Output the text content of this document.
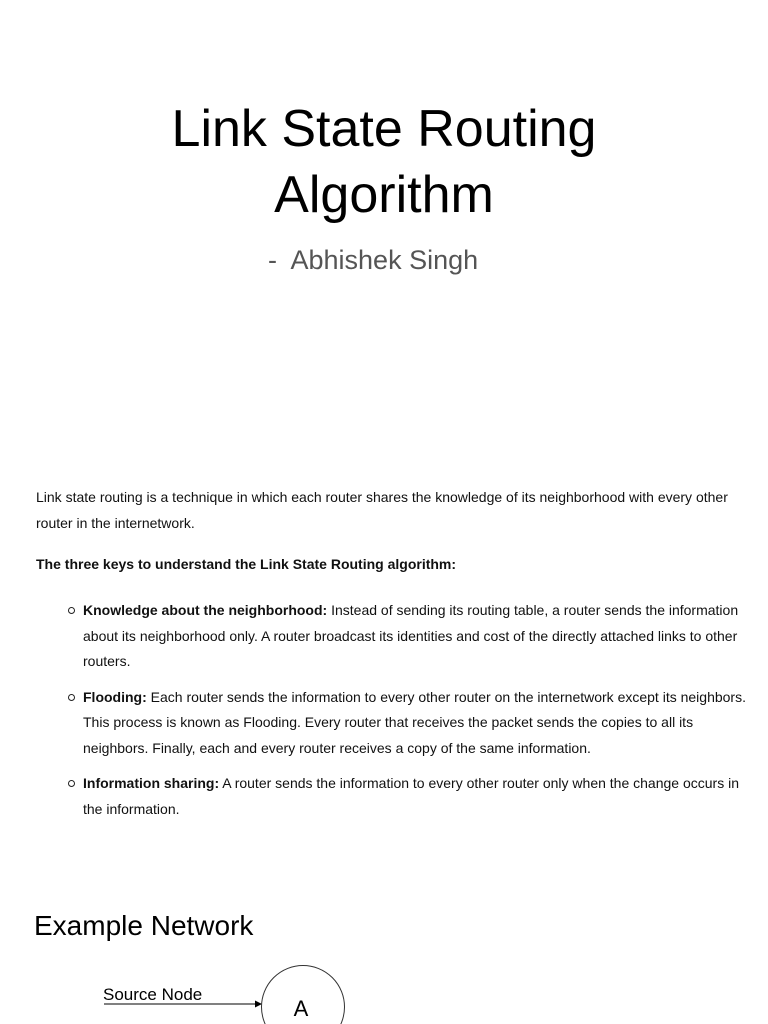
Link State Routing
Algorithm
-  Abhishek Singh

Link state routing is a technique in which each router shares the knowledge of its neighborhood with every other router in the internetwork.

The three keys to understand the Link State Routing algorithm:

Knowledge about the neighborhood: Instead of sending its routing table, a router sends the information about its neighborhood only. A router broadcast its identities and cost of the directly attached links to other routers.
Flooding: Each router sends the information to every other router on the internetwork except its neighbors. This process is known as Flooding. Every router that receives the packet sends the copies to all its neighbors. Finally, each and every router receives a copy of the same information.
Information sharing: A router sends the information to every other router only when the change occurs in the information.
Example Network
A
Source Node
